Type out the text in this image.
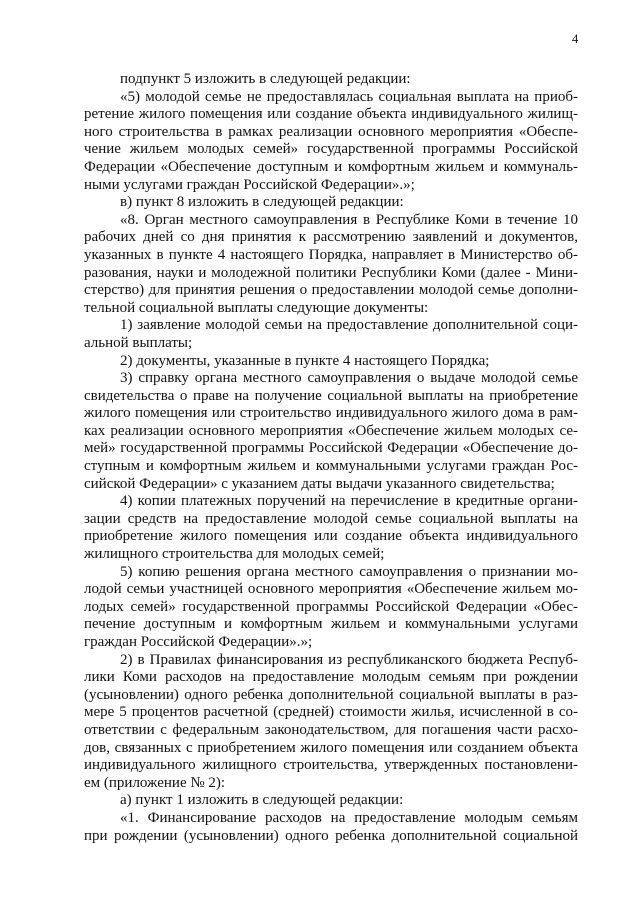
4
подпункт 5 изложить в следующей редакции:
«5) молодой семье не предоставлялась социальная выплата на приоб-
ретение жилого помещения или создание объекта индивидуального жилищ-
ного строительства в рамках реализации основного мероприятия «Обеспе-
чение жильем молодых семей» государственной программы Российской
Федерации «Обеспечение доступным и комфортным жильем и коммуналь-
ными услугами граждан Российской Федерации».»;
в) пункт 8 изложить в следующей редакции:
«8. Орган местного самоуправления в Республике Коми в течение 10
рабочих дней со дня принятия к рассмотрению заявлений и документов,
указанных в пункте 4 настоящего Порядка, направляет в Министерство об-
разования, науки и молодежной политики Республики Коми (далее - Мини-
стерство) для принятия решения о предоставлении молодой семье дополни-
тельной социальной выплаты следующие документы:
1) заявление молодой семьи на предоставление дополнительной соци-
альной выплаты;
2) документы, указанные в пункте 4 настоящего Порядка;
3) справку органа местного самоуправления о выдаче молодой семье
свидетельства о праве на получение социальной выплаты на приобретение
жилого помещения или строительство индивидуального жилого дома в рам-
ках реализации основного мероприятия «Обеспечение жильем молодых се-
мей» государственной программы Российской Федерации «Обеспечение до-
ступным и комфортным жильем и коммунальными услугами граждан Рос-
сийской Федерации» с указанием даты выдачи указанного свидетельства;
4) копии платежных поручений на перечисление в кредитные органи-
зации средств на предоставление молодой семье социальной выплаты на
приобретение жилого помещения или создание объекта индивидуального
жилищного строительства для молодых семей;
5) копию решения органа местного самоуправления о признании мо-
лодой семьи участницей основного мероприятия «Обеспечение жильем мо-
лодых семей» государственной программы Российской Федерации «Обес-
печение доступным и комфортным жильем и коммунальными услугами
граждан Российской Федерации».»;
2) в Правилах финансирования из республиканского бюджета Респуб-
лики Коми расходов на предоставление молодым семьям при рождении
(усыновлении) одного ребенка дополнительной социальной выплаты в раз-
мере 5 процентов расчетной (средней) стоимости жилья, исчисленной в со-
ответствии с федеральным законодательством, для погашения части расхо-
дов, связанных с приобретением жилого помещения или созданием объекта
индивидуального жилищного строительства, утвержденных постановлени-
ем (приложение № 2):
а) пункт 1 изложить в следующей редакции:
«1. Финансирование расходов на предоставление молодым семьям
при рождении (усыновлении) одного ребенка дополнительной социальной
